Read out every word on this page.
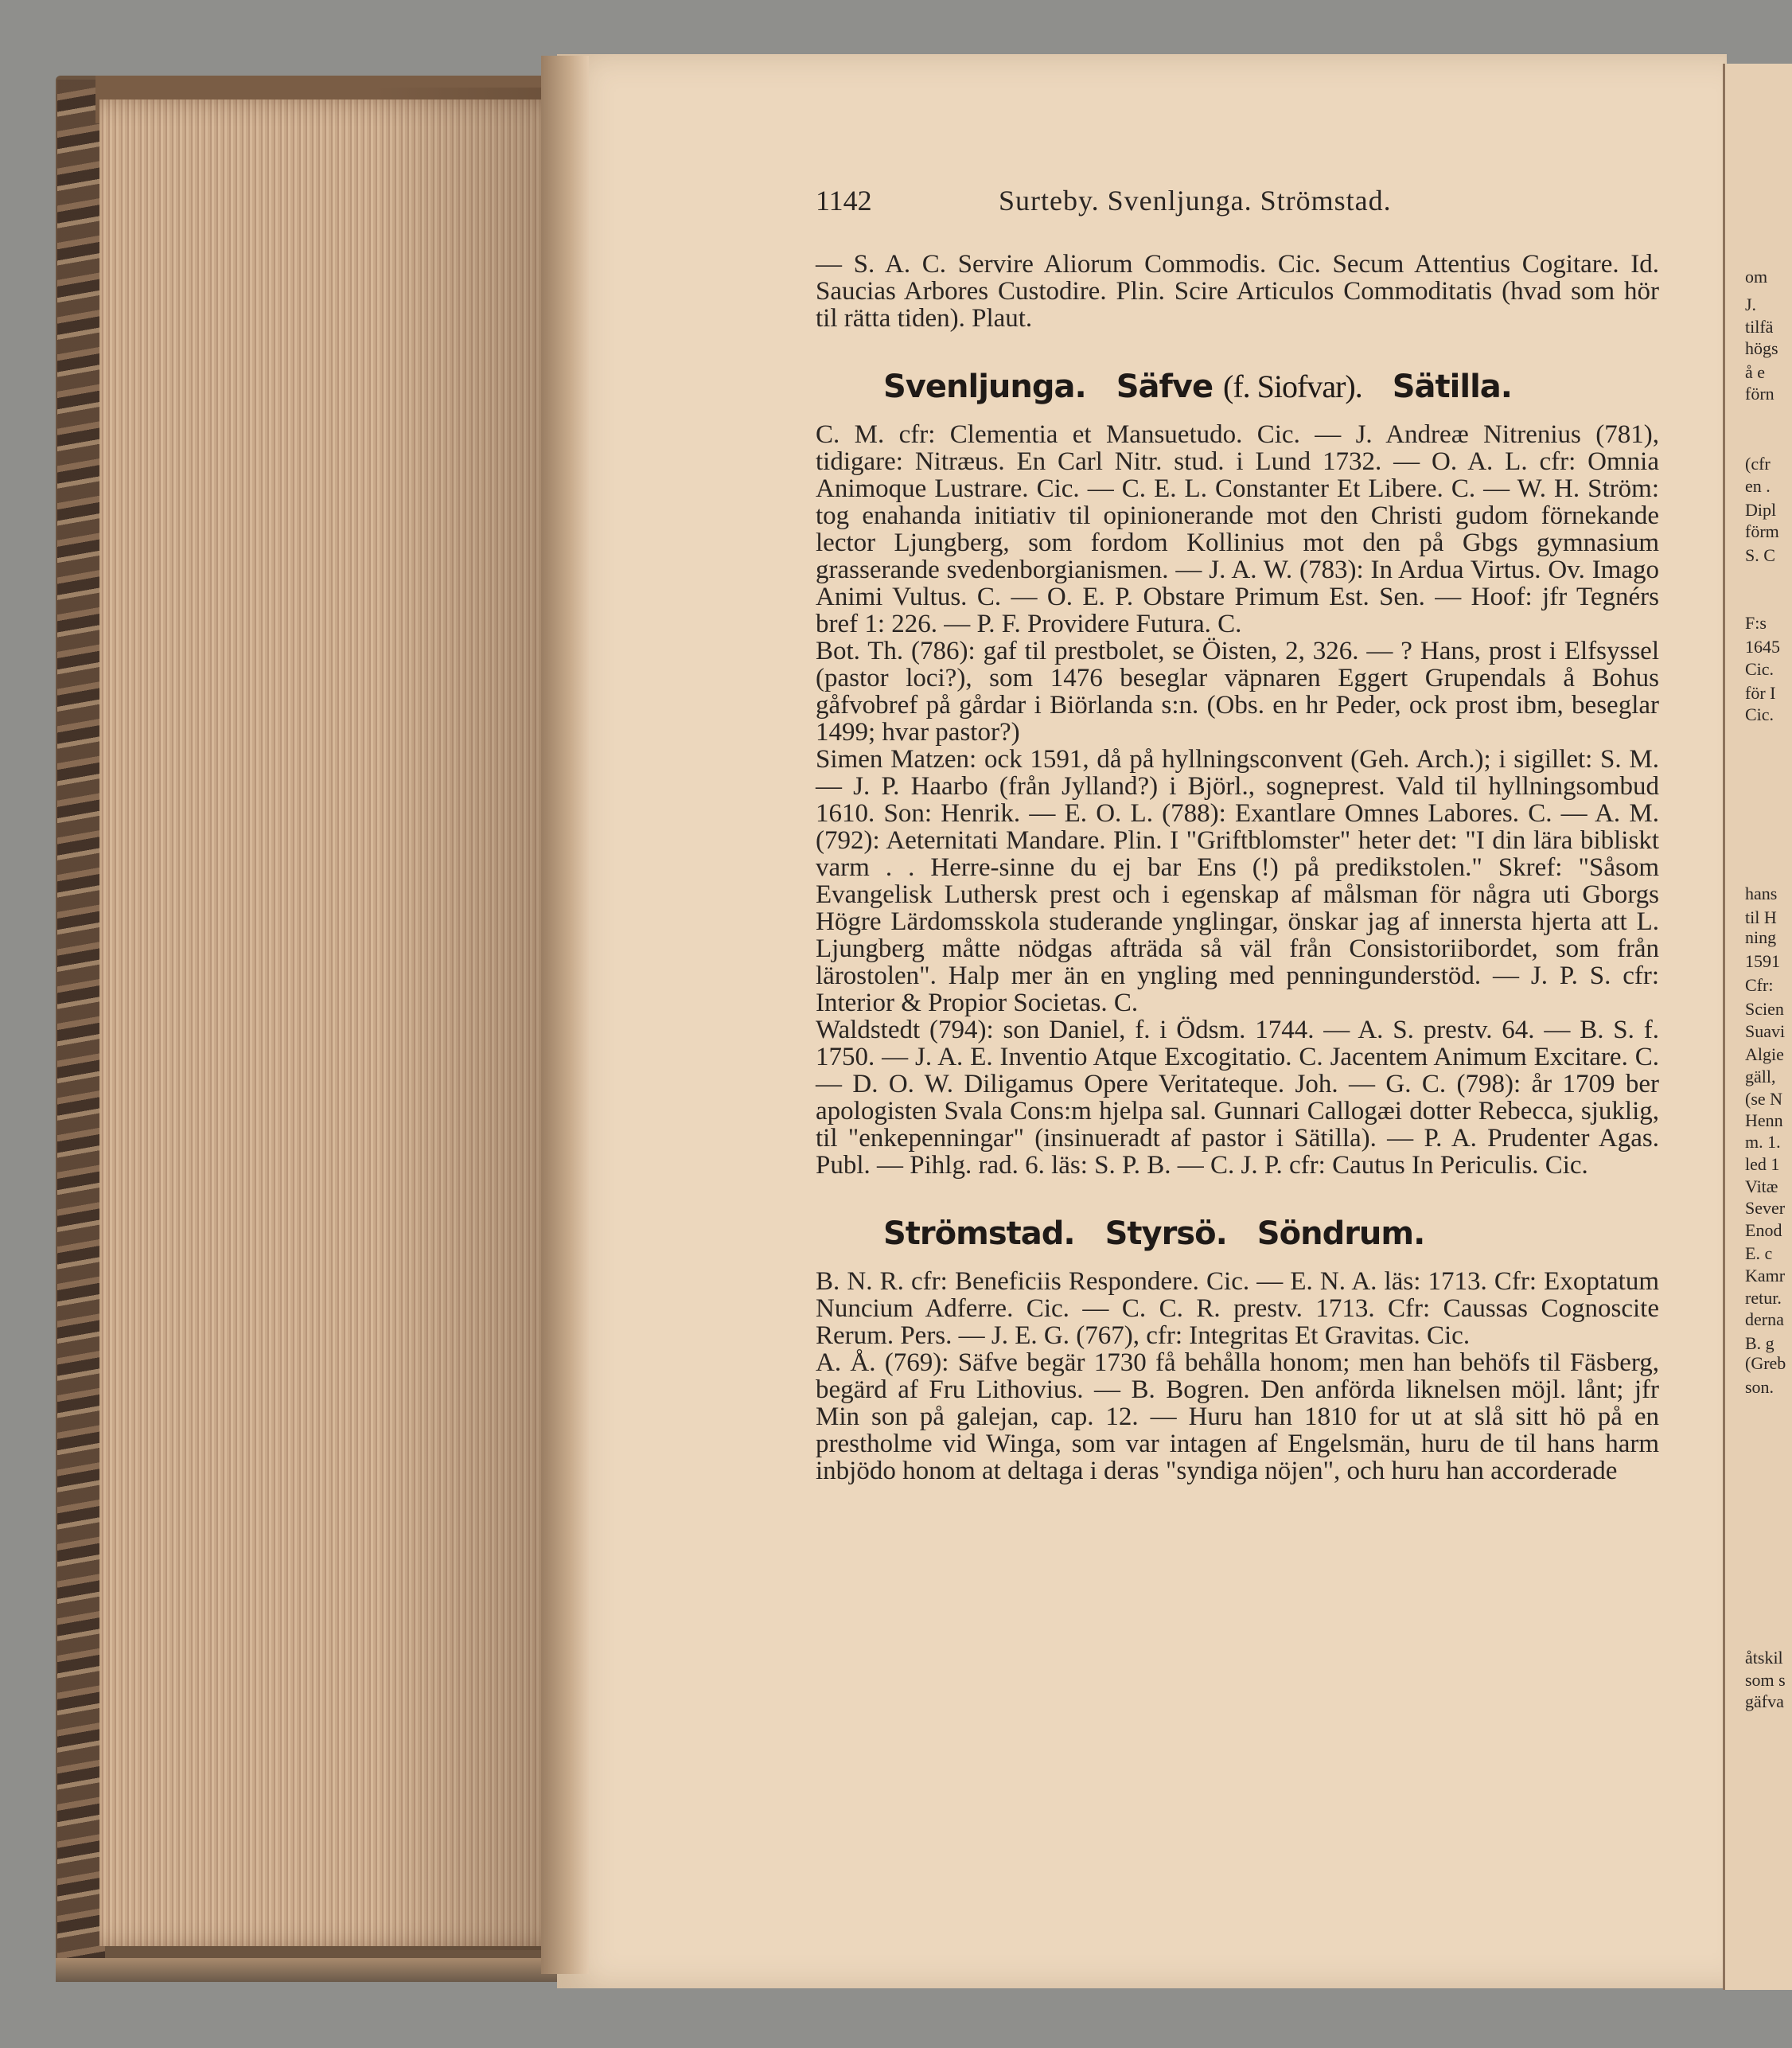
1142	Surteby. Svenljunga. Strömstad.

— S. A. C. Servire Aliorum Commodis. Cic. Secum Attentius Cogitare. Id. Saucias Arbores Custodire. Plin. Scire Articulos Commoditatis (hvad som hör til rätta tiden). Plaut.

Svenljunga. Säfve (f. Siofvar). Sätilla.

C. M. cfr: Clementia et Mansuetudo. Cic. — J. Andreæ Nitrenius (781), tidigare: Nitræus. En Carl Nitr. stud. i Lund 1732. — O. A. L. cfr: Omnia Animoque Lustrare. Cic. — C. E. L. Constanter Et Libere. C. — W. H. Ström: tog enahanda initiativ til opinionerande mot den Christi gudom förnekande lector Ljungberg, som fordom Kollinius mot den på Gbgs gymnasium grasserande svedenborgianismen. — J. A. W. (783): In Ardua Virtus. Ov. Imago Animi Vultus. C. — O. E. P. Obstare Primum Est. Sen. — Hoof: jfr Tegnérs bref 1: 226. — P. F. Providere Futura. C.

Bot. Th. (786): gaf til prestbolet, se Öisten, 2, 326. — ? Hans, prost i Elfsyssel (pastor loci?), som 1476 beseglar väpnaren Eggert Grupendals å Bohus gåfvobref på gårdar i Biörlanda s:n. (Obs. en hr Peder, ock prost ibm, beseglar 1499; hvar pastor?)

Simen Matzen: ock 1591, då på hyllningsconvent (Geh. Arch.); i sigillet: S. M. — J. P. Haarbo (från Jylland?) i Björl., sogneprest. Vald til hyllningsombud 1610. Son: Henrik. — E. O. L. (788): Exantlare Omnes Labores. C. — A. M. (792): Aeternitati Mandare. Plin. I "Griftblomster" heter det: "I din lära bibliskt varm . . Herre-sinne du ej bar Ens (!) på predikstolen." Skref: "Såsom Evangelisk Luthersk prest och i egenskap af målsman för några uti Gborgs Högre Lärdomsskola studerande ynglingar, önskar jag af innersta hjerta att L. Ljungberg måtte nödgas afträda så väl från Consistoriibordet, som från lärostolen". Halp mer än en yngling med penningunderstöd. — J. P. S. cfr: Interior & Propior Societas. C.

Waldstedt (794): son Daniel, f. i Ödsm. 1744. — A. S. prestv. 64. — B. S. f. 1750. — J. A. E. Inventio Atque Excogitatio. C. Jacentem Animum Excitare. C. — D. O. W. Diligamus Opere Veritateque. Joh. — G. C. (798): år 1709 ber apologisten Svala Cons:m hjelpa sal. Gunnari Callogæi dotter Rebecca, sjuklig, til "enkepenningar" (insinueradt af pastor i Sätilla). — P. A. Prudenter Agas. Publ. — Pihlg. rad. 6. läs: S. P. B. — C. J. P. cfr: Cautus In Periculis. Cic.

Strömstad. Styrsö. Söndrum.

B. N. R. cfr: Beneficiis Respondere. Cic. — E. N. A. läs: 1713. Cfr: Exoptatum Nuncium Adferre. Cic. — C. C. R. prestv. 1713. Cfr: Caussas Cognoscite Rerum. Pers. — J. E. G. (767), cfr: Integritas Et Gravitas. Cic.

A. Å. (769): Säfve begär 1730 få behålla honom; men han behöfs til Fäsberg, begärd af Fru Lithovius. — B. Bogren. Den anförda liknelsen möjl. lånt; jfr Min son på galejan, cap. 12. — Huru han 1810 for ut at slå sitt hö på en prestholme vid Winga, som var intagen af Engelsmän, huru de til hans harm inbjödo honom at deltaga i deras "syndiga nöjen", och huru han accorderade

om
J.
tilfä
högs
å e
förn
(cfr
en .
Dipl
förm
S. C
F:s
1645
Cic.
för I
Cic.
hans
til H
ning
1591
Cfr:
Scien
Suavi
Algie
gäll,
(se N
Henn
m. 1.
led 1
Vitæ
Sever
Enod
E. c
Kamr
retur.
derna
B. g
(Greb
son.
åtskil
som s
gäfva
